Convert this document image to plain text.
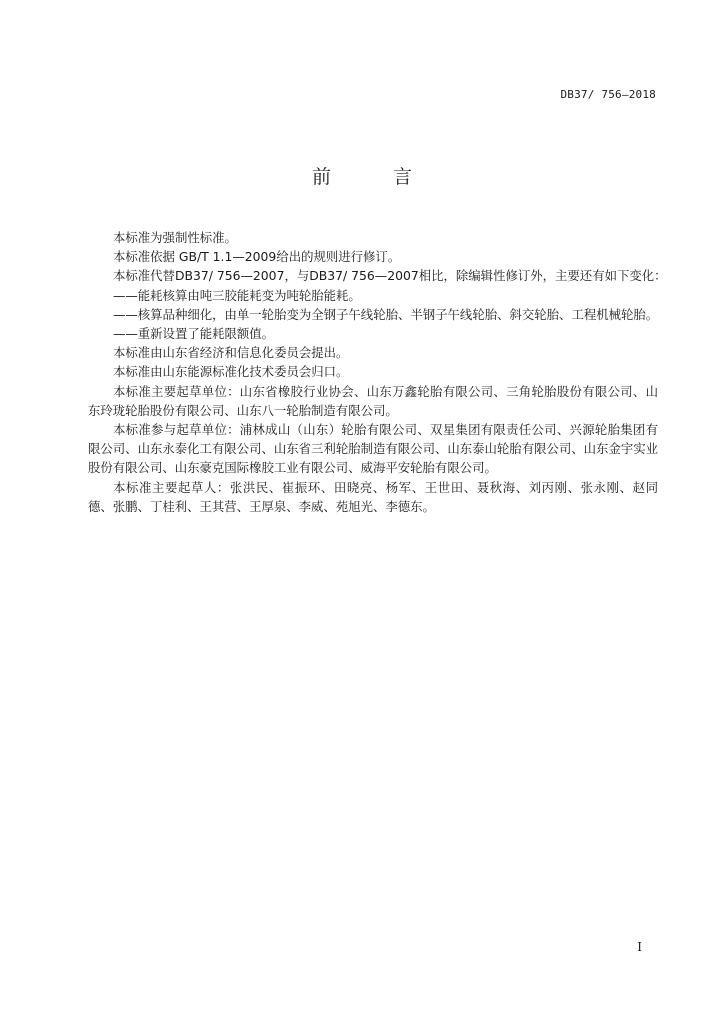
DB37/ 756—2018
前 言

本标准为强制性标准。

本标准依据 GB/T 1.1—2009给出的规则进行修订。

本标准代替DB37/ 756—2007，与DB37/ 756—2007相比，除编辑性修订外，主要还有如下变化：

——能耗核算由吨三胶能耗变为吨轮胎能耗。

——核算品种细化，由单一轮胎变为全钢子午线轮胎、半钢子午线轮胎、斜交轮胎、工程机械轮胎。

——重新设置了能耗限额值。

本标准由山东省经济和信息化委员会提出。

本标准由山东能源标准化技术委员会归口。

本标准主要起草单位：山东省橡胶行业协会、山东万鑫轮胎有限公司、三角轮胎股份有限公司、山东玲珑轮胎股份有限公司、山东八一轮胎制造有限公司。

本标准参与起草单位：浦林成山（山东）轮胎有限公司、双星集团有限责任公司、兴源轮胎集团有限公司、山东永泰化工有限公司、山东省三利轮胎制造有限公司、山东泰山轮胎有限公司、山东金宇实业股份有限公司、山东豪克国际橡胶工业有限公司、威海平安轮胎有限公司。

本标准主要起草人：张洪民、崔振环、田晓亮、杨军、王世田、聂秋海、刘丙刚、张永刚、赵同德、张鹏、丁桂利、王其营、王厚泉、李威、苑旭光、李德东。

I
